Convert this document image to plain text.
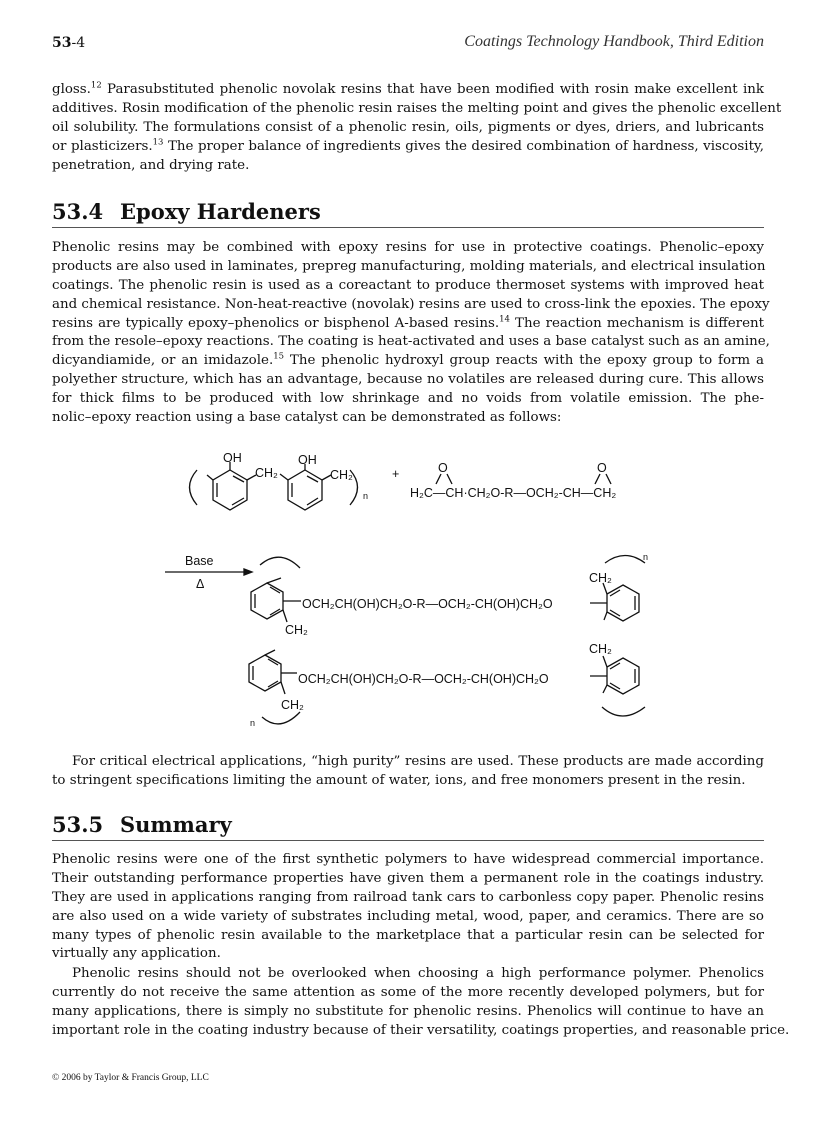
53-4	Coatings Technology Handbook, Third Edition
gloss.$^{12}$ Parasubstituted phenolic novolak resins that have been modified with rosin make excellent ink
additives. Rosin modification of the phenolic resin raises the melting point and gives the phenolic excellent
oil solubility. The formulations consist of a phenolic resin, oils, pigments or dyes, driers, and lubricants
or plasticizers.$^{13}$ The proper balance of ingredients gives the desired combination of hardness, viscosity,
penetration, and drying rate.
53.4 Epoxy Hardeners
Phenolic resins may be combined with epoxy resins for use in protective coatings. Phenolic–epoxy
products are also used in laminates, prepreg manufacturing, molding materials, and electrical insulation
coatings. The phenolic resin is used as a coreactant to produce thermoset systems with improved heat
and chemical resistance. Non-heat-reactive (novolak) resins are used to cross-link the epoxies. The epoxy
resins are typically epoxy–phenolics or bisphenol A-based resins.$^{14}$ The reaction mechanism is different
from the resole–epoxy reactions. The coating is heat-activated and uses a base catalyst such as an amine,
dicyandiamide, or an imidazole.$^{15}$ The phenolic hydroxyl group reacts with the epoxy group to form a
polyether structure, which has an advantage, because no volatiles are released during cure. This allows
for thick films to be produced with low shrinkage and no voids from volatile emission. The phe-
nolic–epoxy reaction using a base catalyst can be demonstrated as follows:
OH	OH
CH₂	CH₂
n
+
H₂C—CH·CH₂O-R—OCH₂-CH—CH₂
O	O
Base
Δ
OCH₂CH(OH)CH₂O-R—OCH₂-CH(OH)CH₂O
OCH₂CH(OH)CH₂O-R—OCH₂-CH(OH)CH₂O
CH₂
CH₂
CH₂
CH₂
n
n
For critical electrical applications, “high purity” resins are used. These products are made according
to stringent specifications limiting the amount of water, ions, and free monomers present in the resin.
53.5 Summary
Phenolic resins were one of the first synthetic polymers to have widespread commercial importance.
Their outstanding performance properties have given them a permanent role in the coatings industry.
They are used in applications ranging from railroad tank cars to carbonless copy paper. Phenolic resins
are also used on a wide variety of substrates including metal, wood, paper, and ceramics. There are so
many types of phenolic resin available to the marketplace that a particular resin can be selected for
virtually any application.
Phenolic resins should not be overlooked when choosing a high performance polymer. Phenolics
currently do not receive the same attention as some of the more recently developed polymers, but for
many applications, there is simply no substitute for phenolic resins. Phenolics will continue to have an
important role in the coating industry because of their versatility, coatings properties, and reasonable price.
© 2006 by Taylor & Francis Group, LLC
